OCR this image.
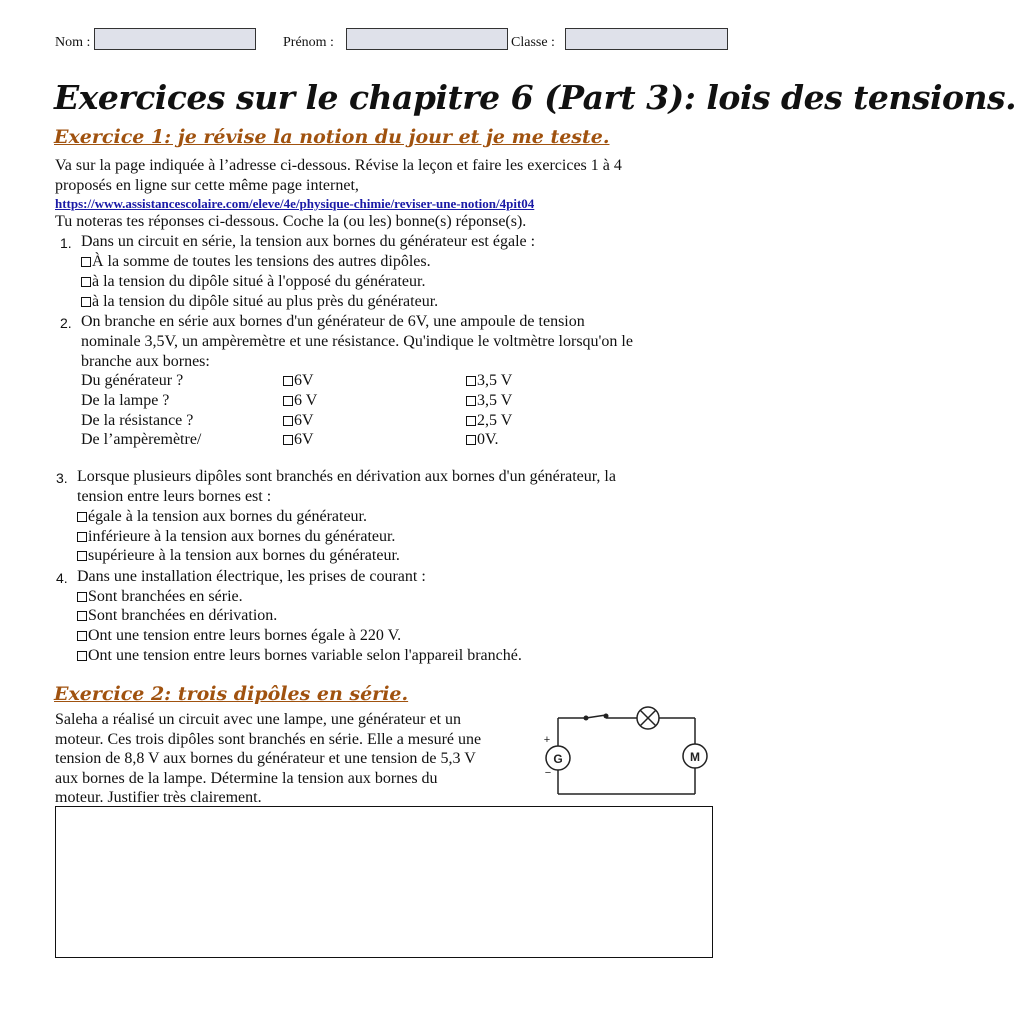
Nom :	Prénom :	Classe :
Exercices sur le chapitre 6 (Part 3): lois des tensions.
Exercice 1: je révise la notion du jour et je me teste.
Va sur la page indiquée à l’adresse ci-dessous. Révise la leçon et faire les exercices 1 à 4
proposés en ligne sur cette même page internet,
https://www.assistancescolaire.com/eleve/4e/physique-chimie/reviser-une-notion/4pit04
Tu noteras tes réponses ci-dessous. Coche la (ou les) bonne(s) réponse(s).
1. Dans un circuit en série, la tension aux bornes du générateur est égale :
À la somme de toutes les tensions des autres dipôles.
à la tension du dipôle situé à l'opposé du générateur.
à la tension du dipôle situé au plus près du générateur.
2. On branche en série aux bornes d'un générateur de 6V, une ampoule de tension
nominale 3,5V, un ampèremètre et une résistance. Qu'indique le voltmètre lorsqu'on le
branche aux bornes:
Du générateur ?	6V	3,5 V
De la lampe ?	6 V	3,5 V
De la résistance ?	6V	2,5 V
De l’ampèremètre/	6V	0V.
3. Lorsque plusieurs dipôles sont branchés en dérivation aux bornes d'un générateur, la
tension entre leurs bornes est :
égale à la tension aux bornes du générateur.
inférieure à la tension aux bornes du générateur.
supérieure à la tension aux bornes du générateur.
4. Dans une installation électrique, les prises de courant :
Sont branchées en série.
Sont branchées en dérivation.
Ont une tension entre leurs bornes égale à 220 V.
Ont une tension entre leurs bornes variable selon l'appareil branché.
Exercice 2: trois dipôles en série.
Saleha a réalisé un circuit avec une lampe, une générateur et un
moteur. Ces trois dipôles sont branchés en série. Elle a mesuré une
tension de 8,8 V aux bornes du générateur et une tension de 5,3 V
aux bornes de la lampe. Détermine la tension aux bornes du
moteur. Justifier très clairement.
G
+
−
M
